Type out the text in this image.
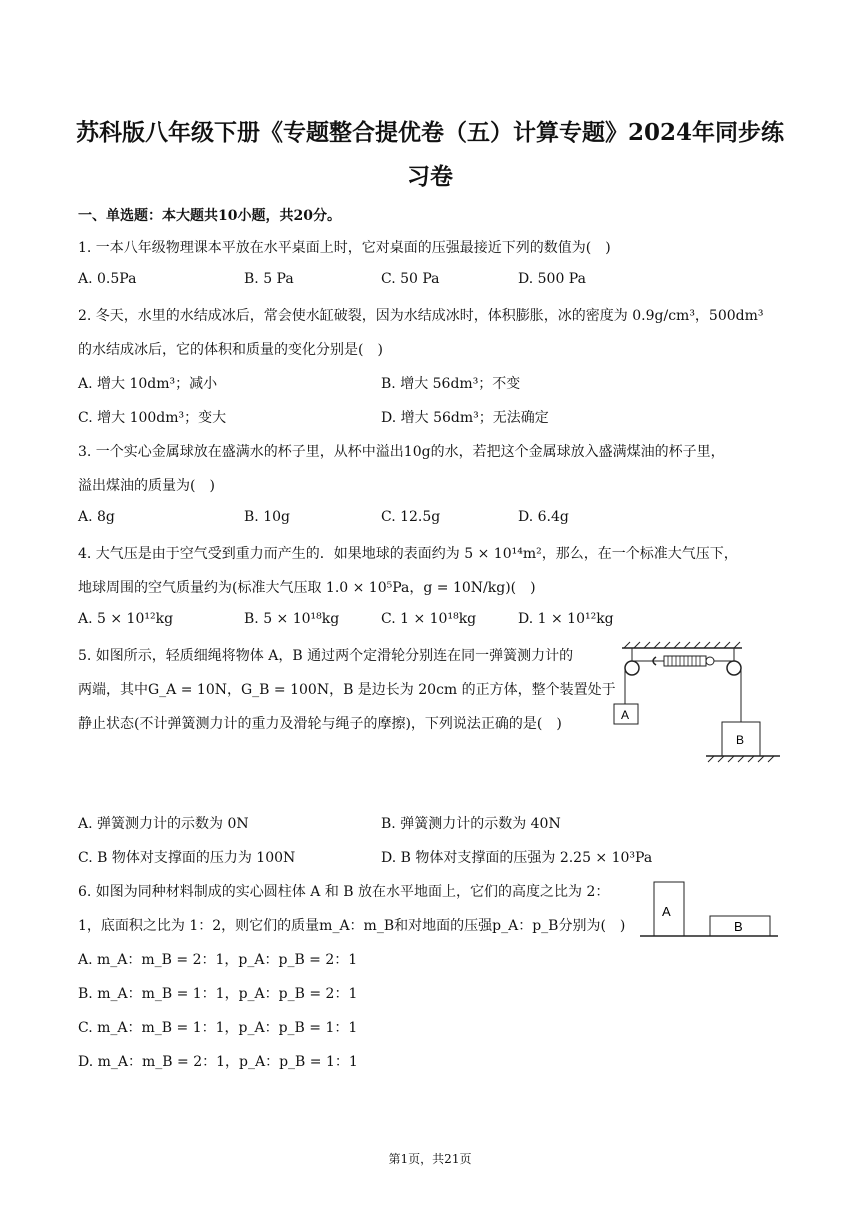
苏科版八年级下册《专题整合提优卷（五）计算专题》2024年同步练
习卷
一、单选题：本大题共10小题，共20分。
1. 一本八年级物理课本平放在水平桌面上时，它对桌面的压强最接近下列的数值为(　)
A. 0.5Pa	B. 5 Pa	C. 50 Pa	D. 500 Pa
2. 冬天，水里的水结成冰后，常会使水缸破裂，因为水结成冰时，体积膨胀，冰的密度为 0.9g/cm³，500dm³
的水结成冰后，它的体积和质量的变化分别是(　)
A. 增大 10dm³；减小	B. 增大 56dm³；不变
C. 增大 100dm³；变大	D. 增大 56dm³；无法确定
3. 一个实心金属球放在盛满水的杯子里，从杯中溢出10g的水，若把这个金属球放入盛满煤油的杯子里，
溢出煤油的质量为(　)
A. 8g	B. 10g	C. 12.5g	D. 6.4g
4. 大气压是由于空气受到重力而产生的．如果地球的表面约为 5 × 10¹⁴m²，那么，在一个标准大气压下，
地球周围的空气质量约为(标准大气压取 1.0 × 10⁵Pa，g = 10N/kg)(　)
A. 5 × 10¹²kg	B. 5 × 10¹⁸kg	C. 1 × 10¹⁸kg	D. 1 × 10¹²kg
5. 如图所示，轻质细绳将物体 A，B 通过两个定滑轮分别连在同一弹簧测力计的
两端，其中G_A = 10N，G_B = 100N，B 是边长为 20cm 的正方体，整个装置处于
静止状态(不计弹簧测力计的重力及滑轮与绳子的摩擦)，下列说法正确的是(　)
A
B
A. 弹簧测力计的示数为 0N	B. 弹簧测力计的示数为 40N
C. B 物体对支撑面的压力为 100N	D. B 物体对支撑面的压强为 2.25 × 10³Pa
6. 如图为同种材料制成的实心圆柱体 A 和 B 放在水平地面上，它们的高度之比为 2：
1，底面积之比为 1：2，则它们的质量m_A：m_B和对地面的压强p_A：p_B分别为(　)
A
B
A. m_A：m_B = 2：1，p_A：p_B = 2：1
B. m_A：m_B = 1：1，p_A：p_B = 2：1
C. m_A：m_B = 1：1，p_A：p_B = 1：1
D. m_A：m_B = 2：1，p_A：p_B = 1：1
第1页，共21页
